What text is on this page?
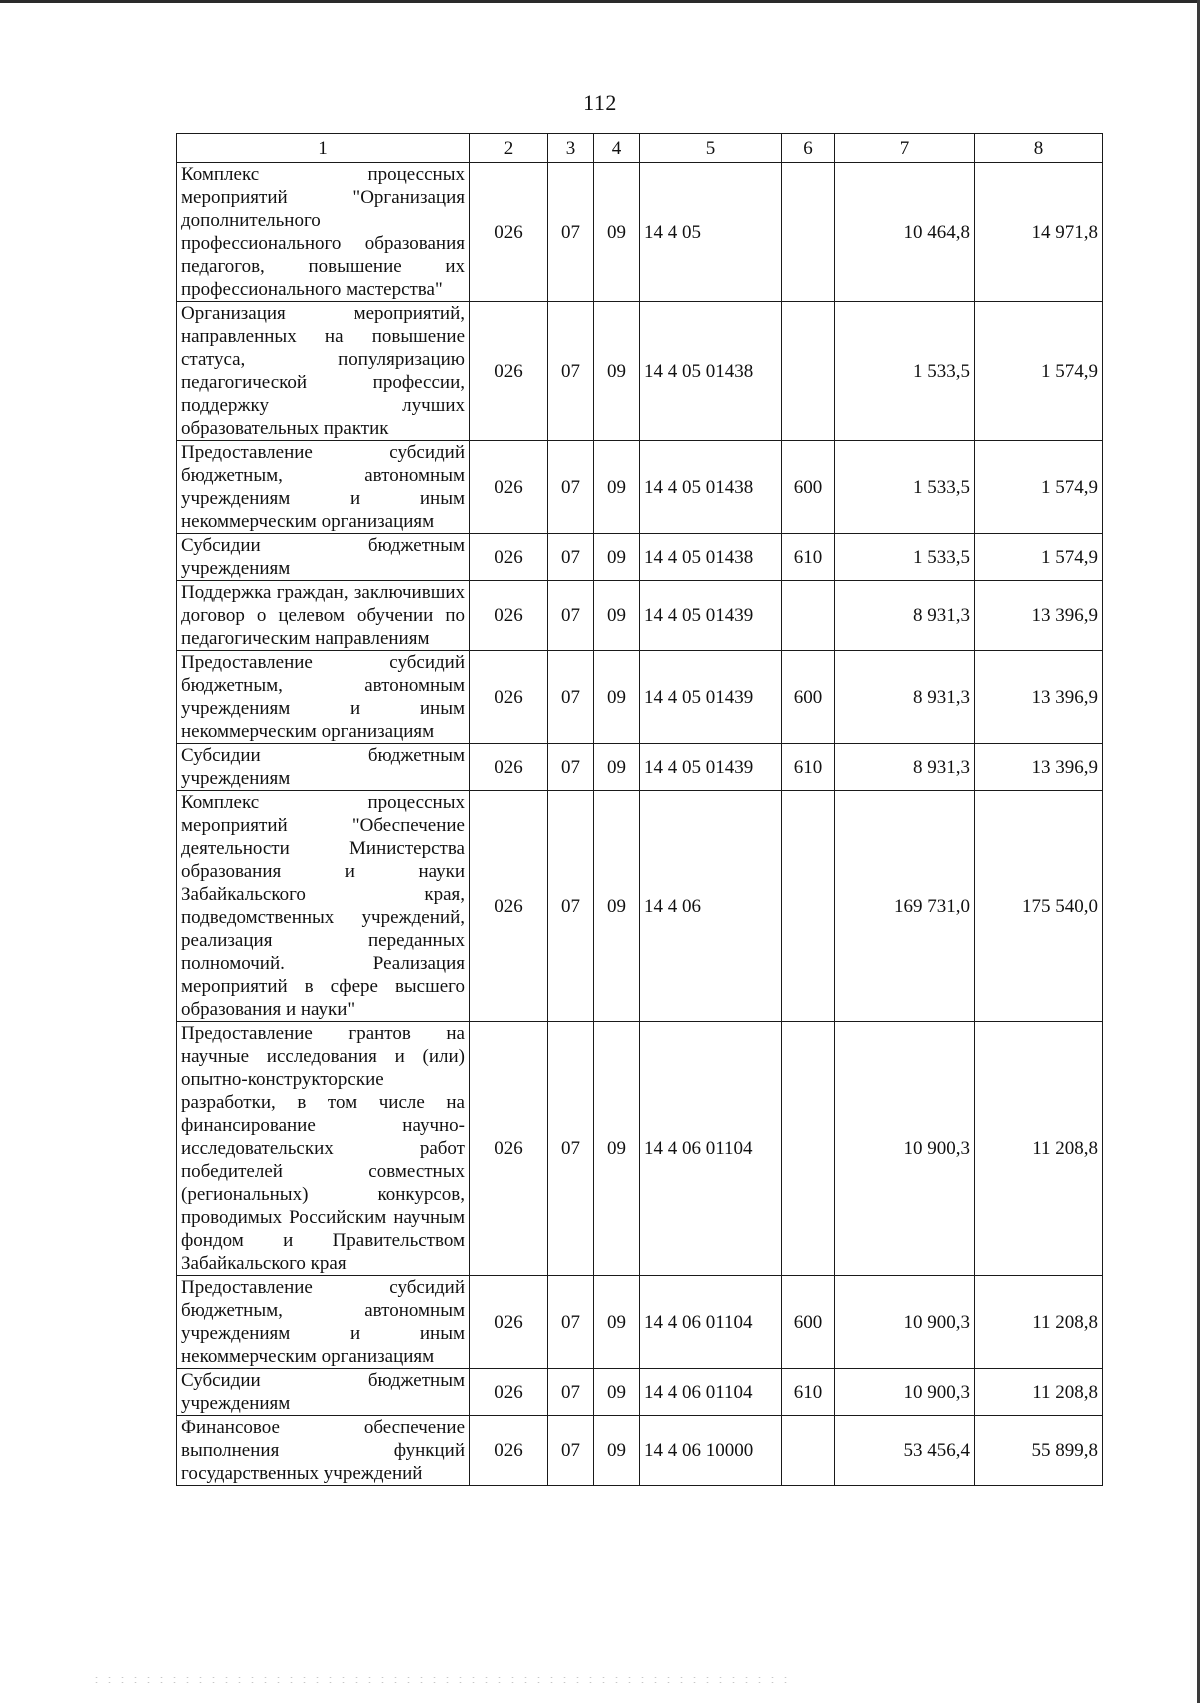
112
1	2	3	4	5	6	7	8
Комплекс процессных мероприятий "Организация дополнительного профессионального образования педагогов, повышение их профессионального мастерства"	026	07	09	14 4 05		10 464,8	14 971,8
Организация мероприятий, направленных на повышение статуса, популяризацию педагогической профессии, поддержку лучших образовательных практик	026	07	09	14 4 05 01438		1 533,5	1 574,9
Предоставление субсидий бюджетным, автономным учреждениям и иным некоммерческим организациям	026	07	09	14 4 05 01438	600	1 533,5	1 574,9
Субсидии бюджетным учреждениям	026	07	09	14 4 05 01438	610	1 533,5	1 574,9
Поддержка граждан, заключивших договор о целевом обучении по педагогическим направлениям	026	07	09	14 4 05 01439		8 931,3	13 396,9
Предоставление субсидий бюджетным, автономным учреждениям и иным некоммерческим организациям	026	07	09	14 4 05 01439	600	8 931,3	13 396,9
Субсидии бюджетным учреждениям	026	07	09	14 4 05 01439	610	8 931,3	13 396,9
Комплекс процессных мероприятий "Обеспечение деятельности Министерства образования и науки Забайкальского края, подведомственных учреждений, реализация переданных полномочий. Реализация мероприятий в сфере высшего образования и науки"	026	07	09	14 4 06		169 731,0	175 540,0
Предоставление грантов на научные исследования и (или) опытно-конструкторские разработки, в том числе на финансирование научно-исследовательских работ победителей совместных (региональных) конкурсов, проводимых Российским научным фондом и Правительством Забайкальского края	026	07	09	14 4 06 01104		10 900,3	11 208,8
Предоставление субсидий бюджетным, автономным учреждениям и иным некоммерческим организациям	026	07	09	14 4 06 01104	600	10 900,3	11 208,8
Субсидии бюджетным учреждениям	026	07	09	14 4 06 01104	610	10 900,3	11 208,8
Финансовое обеспечение выполнения функций государственных учреждений	026	07	09	14 4 06 10000		53 456,4	55 899,8
